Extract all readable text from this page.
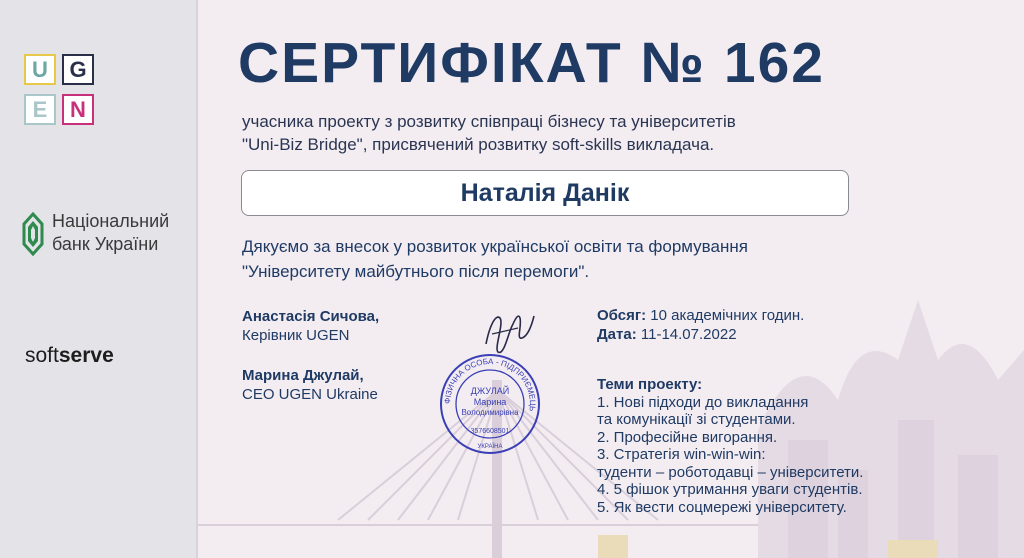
U G
E	N
Національний
банк України
softserve
СЕРТИФІКАТ № 162
учасника проекту з розвитку співпраці бізнесу та університетів
"Uni-Biz Bridge", присвячений розвитку soft-skills викладача.
Наталія Данік
Дякуємо за внесок у розвиток української освіти та формування
"Університету майбутнього після перемоги".
Анастасія Сичова,
Керівник UGEN
Марина Джулай,
CEO UGEN Ukraine	ФІЗИЧНА ОСОБА - ПІДПРИЄМЕЦЬ
ДЖУЛАЙ
Марина
Володимирівна
3576608501
УКРАЇНА
Обсяг: 10 академічних годин.
Дата: 11-14.07.2022
Теми проекту:
1. Нові підходи до викладання
та комунікації зі студентами.
2. Професійне вигорання.
3. Стратегія win-win-win:
туденти – роботодавці – університети.
4. 5 фішок утримання уваги студентів.
5. Як вести соцмережі університету.
